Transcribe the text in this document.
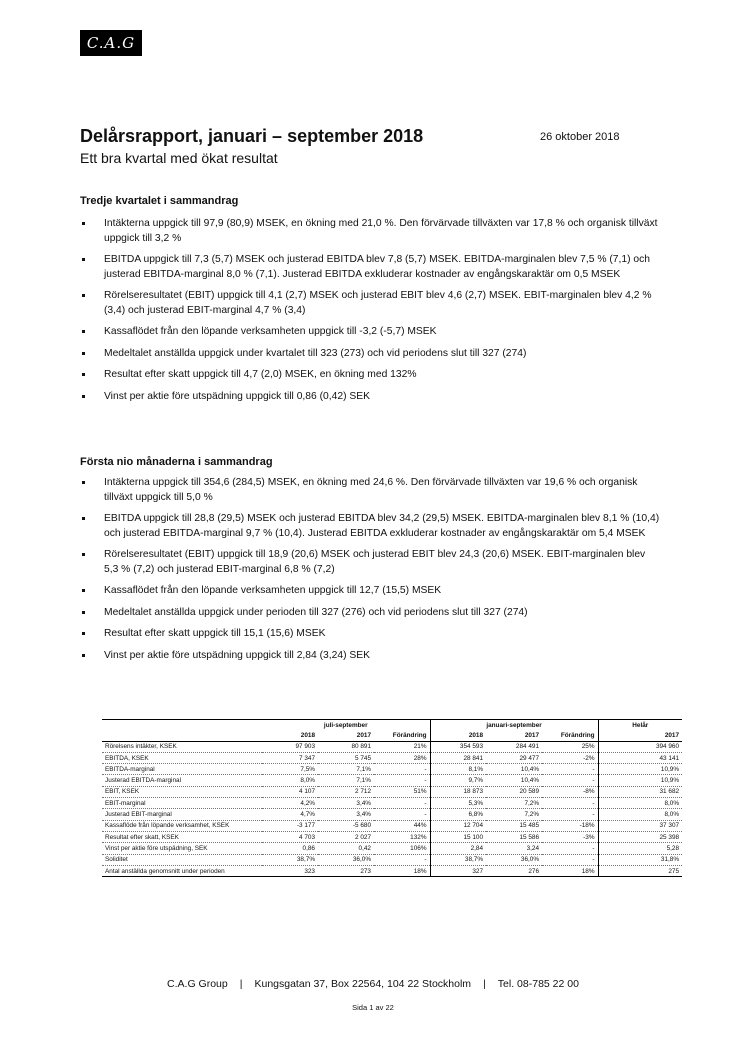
C.A.G
Delårsrapport, januari – september 2018	26 oktober 2018
Ett bra kvartal med ökat resultat
Tredje kvartalet i sammandrag
Intäkterna uppgick till 97,9 (80,9) MSEK, en ökning med 21,0 %. Den förvärvade tillväxten var 17,8 % och organisk tillväxt uppgick till 3,2 %
EBITDA uppgick till 7,3 (5,7) MSEK och justerad EBITDA blev 7,8 (5,7) MSEK. EBITDA-marginalen blev 7,5 % (7,1) och justerad EBITDA-marginal 8,0 % (7,1). Justerad EBITDA exkluderar kostnader av engångskaraktär om 0,5 MSEK
Rörelseresultatet (EBIT) uppgick till 4,1 (2,7) MSEK och justerad EBIT blev 4,6 (2,7) MSEK. EBIT-marginalen blev 4,2 % (3,4) och justerad EBIT-marginal 4,7 % (3,4)
Kassaflödet från den löpande verksamheten uppgick till -3,2 (-5,7) MSEK
Medeltalet anställda uppgick under kvartalet till 323 (273) och vid periodens slut till 327 (274)
Resultat efter skatt uppgick till 4,7 (2,0) MSEK, en ökning med 132%
Vinst per aktie före utspädning uppgick till 0,86 (0,42) SEK
Första nio månaderna i sammandrag
Intäkterna uppgick till 354,6 (284,5) MSEK, en ökning med 24,6 %. Den förvärvade tillväxten var 19,6 % och organisk tillväxt uppgick till 5,0 %
EBITDA uppgick till 28,8 (29,5) MSEK och justerad EBITDA blev 34,2 (29,5) MSEK. EBITDA-marginalen blev 8,1 % (10,4) och justerad EBITDA-marginal 9,7 % (10,4). Justerad EBITDA exkluderar kostnader av engångskaraktär om 5,4 MSEK
Rörelseresultatet (EBIT) uppgick till 18,9 (20,6) MSEK och justerad EBIT blev 24,3 (20,6) MSEK. EBIT-marginalen blev 5,3 % (7,2) och justerad EBIT-marginal 6,8 % (7,2)
Kassaflödet från den löpande verksamheten uppgick till 12,7 (15,5) MSEK
Medeltalet anställda uppgick under perioden till 327 (276) och vid periodens slut till 327 (274)
Resultat efter skatt uppgick till 15,1 (15,6) MSEK
Vinst per aktie före utspädning uppgick till 2,84 (3,24) SEK
	juli-september			januari-september			Helår
	2018	2017	Förändring	2018	2017	Förändring	2017
Rörelsens intäkter, KSEK	97 903	80 891	21%	354 593	284 491	25%	394 960
EBITDA, KSEK	7 347	5 745	28%	28 841	29 477	-2%	43 141
EBITDA-marginal	7,5%	7,1%	-	8,1%	10,4%	-	10,9%
Justerad EBITDA-marginal	8,0%	7,1%	-	9,7%	10,4%	-	10,9%
EBIT, KSEK	4 107	2 712	51%	18 873	20 589	-8%	31 682
EBIT-marginal	4,2%	3,4%	-	5,3%	7,2%	-	8,0%
Justerad EBIT-marginal	4,7%	3,4%	-	6,8%	7,2%	-	8,0%
Kassaflöde från löpande verksamhet, KSEK	-3 177	-5 680	44%	12 704	15 485	-18%	37 307
Resultat efter skatt, KSEK	4 703	2 027	132%	15 100	15 586	-3%	25 398
Vinst per aktie före utspädning, SEK	0,86	0,42	106%	2,84	3,24	-	5,28
Soliditet	38,7%	36,0%	-	38,7%	36,0%	-	31,8%
Antal anställda genomsnitt under perioden	323	273	18%	327	276	18%	275
C.A.G Group | Kungsgatan 37, Box 22564, 104 22 Stockholm | Tel. 08-785 22 00
Sida 1 av 22
